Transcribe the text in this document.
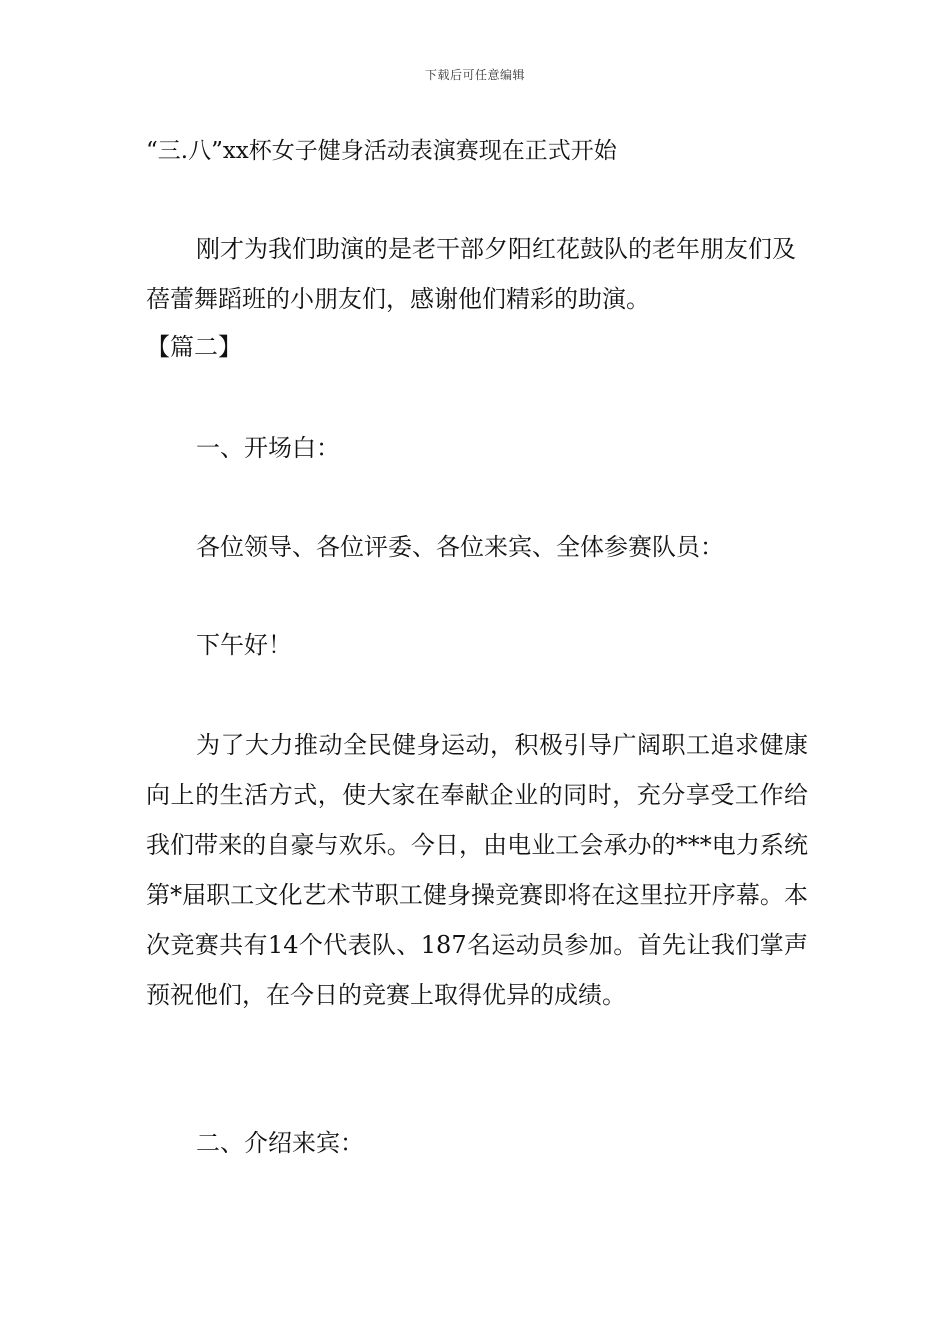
下载后可任意编辑

“三.八”xx杯女子健身活动表演赛现在正式开始

刚才为我们助演的是老干部夕阳红花鼓队的老年朋友们及蓓蕾舞蹈班的小朋友们，感谢他们精彩的助演。

【篇二】

一、开场白：

各位领导、各位评委、各位来宾、全体参赛队员：

下午好！

为了大力推动全民健身运动，积极引导广阔职工追求健康向上的生活方式，使大家在奉献企业的同时，充分享受工作给我们带来的自豪与欢乐。今日，由电业工会承办的***电力系统第*届职工文化艺术节职工健身操竞赛即将在这里拉开序幕。本次竞赛共有14个代表队、187名运动员参加。首先让我们掌声预祝他们，在今日的竞赛上取得优异的成绩。

二、介绍来宾：
